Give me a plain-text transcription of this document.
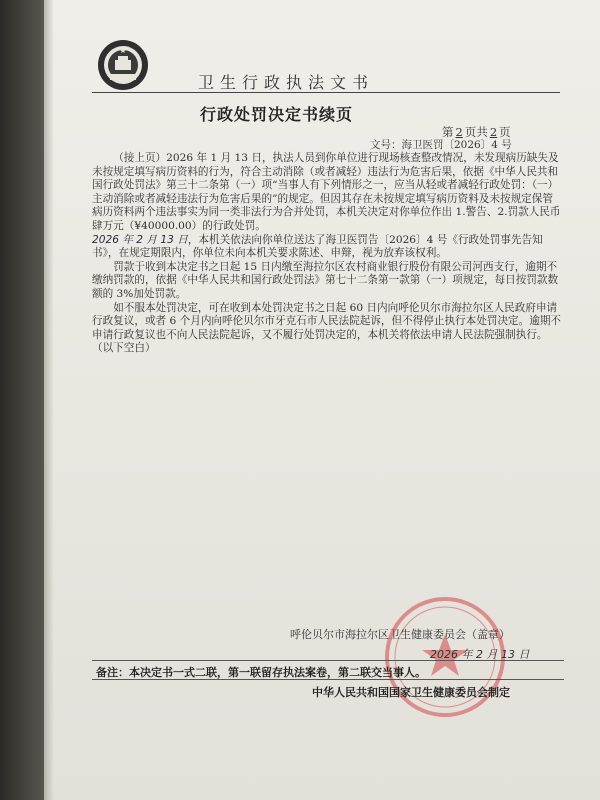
卫生行政执法文书
行政处罚决定书续页
第 2 页共 2 页
文号：海卫医罚〔2026〕4 号

（接上页）2026 年 1 月 13 日，执法人员到你单位进行现场核查整改情况，未发现病历缺失及未按规定填写病历资料的行为，符合主动消除（或者减轻）违法行为危害后果，依据《中华人民共和国行政处罚法》第三十二条第（一）项“当事人有下列情形之一，应当从轻或者减轻行政处罚：（一）主动消除或者减轻违法行为危害后果的”的规定。但因其存在未按规定填写病历资料及未按规定保管病历资料两个违法事实为同一类非法行为合并处罚，本机关决定对你单位作出 1.警告、2.罚款人民币肆万元（¥40000.00）的行政处罚。

2026 年 2 月 13 日，本机关依法向你单位送达了海卫医罚告〔2026〕4 号《行政处罚事先告知书》，在规定期限内，你单位未向本机关要求陈述、申辩，视为放弃该权利。

罚款于收到本决定书之日起 15 日内缴至海拉尔区农村商业银行股份有限公司河西支行，逾期不缴纳罚款的，依据《中华人民共和国行政处罚法》第七十二条第一款第（一）项规定，每日按罚款数额的 3%加处罚款。

如不服本处罚决定，可在收到本处罚决定书之日起 60 日内向呼伦贝尔市海拉尔区人民政府申请行政复议，或者 6 个月内向呼伦贝尔市牙克石市人民法院起诉，但不得停止执行本处罚决定。逾期不申请行政复议也不向人民法院起诉，又不履行处罚决定的，本机关将依法申请人民法院强制执行。

（以下空白）

呼伦贝尔市海拉尔区卫生健康委员会（盖章）
2026 年 2 月 13 日
备注：本决定书一式二联，第一联留存执法案卷，第二联交当事人。
中华人民共和国国家卫生健康委员会制定
